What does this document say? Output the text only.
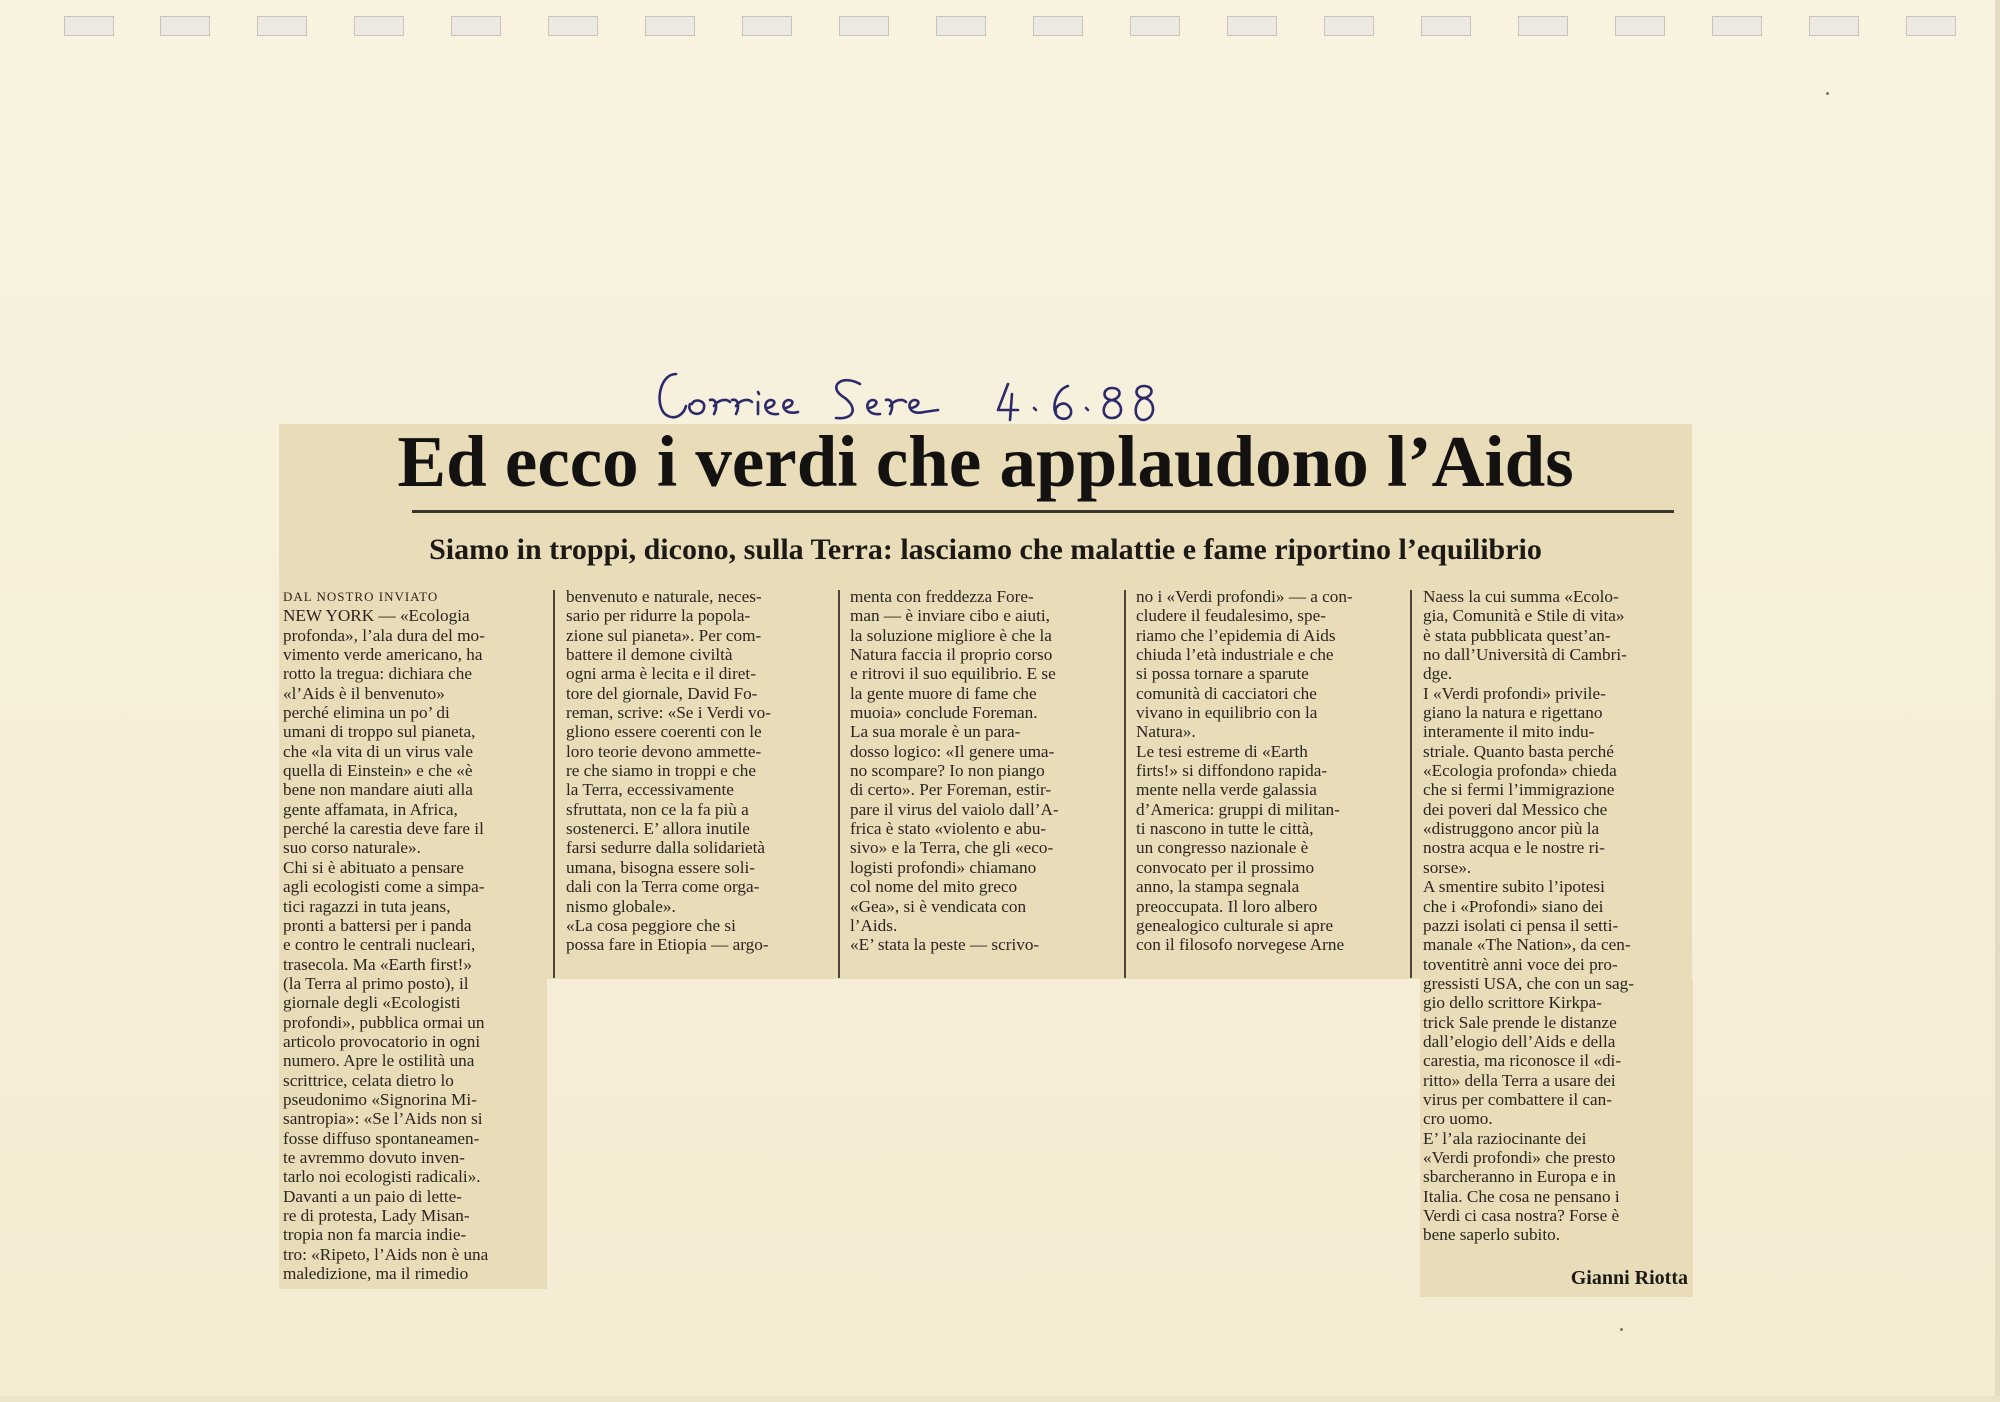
Ed ecco i verdi che applaudono l’Aids
Siamo in troppi, dicono, sulla Terra: lasciamo che malattie e fame riportino l’equilibrio
DAL NOSTRO INVIATO
NEW YORK — «Ecologia
profonda», l’ala dura del mo-
vimento verde americano, ha
rotto la tregua: dichiara che
«l’Aids è il benvenuto»
perché elimina un po’ di
umani di troppo sul pianeta,
che «la vita di un virus vale
quella di Einstein» e che «è
bene non mandare aiuti alla
gente affamata, in Africa,
perché la carestia deve fare il
suo corso naturale».
Chi si è abituato a pensare
agli ecologisti come a simpa-
tici ragazzi in tuta jeans,
pronti a battersi per i panda
e contro le centrali nucleari,
trasecola. Ma «Earth first!»
(la Terra al primo posto), il
giornale degli «Ecologisti
profondi», pubblica ormai un
articolo provocatorio in ogni
numero. Apre le ostilità una
scrittrice, celata dietro lo
pseudonimo «Signorina Mi-
santropia»: «Se l’Aids non si
fosse diffuso spontaneamen-
te avremmo dovuto inven-
tarlo noi ecologisti radicali».
Davanti a un paio di lette-
re di protesta, Lady Misan-
tropia non fa marcia indie-
tro: «Ripeto, l’Aids non è una
maledizione, ma il rimedio
benvenuto e naturale, neces-
sario per ridurre la popola-
zione sul pianeta». Per com-
battere il demone civiltà
ogni arma è lecita e il diret-
tore del giornale, David Fo-
reman, scrive: «Se i Verdi vo-
gliono essere coerenti con le
loro teorie devono ammette-
re che siamo in troppi e che
la Terra, eccessivamente
sfruttata, non ce la fa più a
sostenerci. E’ allora inutile
farsi sedurre dalla solidarietà
umana, bisogna essere soli-
dali con la Terra come orga-
nismo globale».
«La cosa peggiore che si
possa fare in Etiopia — argo-
menta con freddezza Fore-
man — è inviare cibo e aiuti,
la soluzione migliore è che la
Natura faccia il proprio corso
e ritrovi il suo equilibrio. E se
la gente muore di fame che
muoia» conclude Foreman.
La sua morale è un para-
dosso logico: «Il genere uma-
no scompare? Io non piango
di certo». Per Foreman, estir-
pare il virus del vaiolo dall’A-
frica è stato «violento e abu-
sivo» e la Terra, che gli «eco-
logisti profondi» chiamano
col nome del mito greco
«Gea», si è vendicata con
l’Aids.
«E’ stata la peste — scrivo-
no i «Verdi profondi» — a con-
cludere il feudalesimo, spe-
riamo che l’epidemia di Aids
chiuda l’età industriale e che
si possa tornare a sparute
comunità di cacciatori che
vivano in equilibrio con la
Natura».
Le tesi estreme di «Earth
firts!» si diffondono rapida-
mente nella verde galassia
d’America: gruppi di militan-
ti nascono in tutte le città,
un congresso nazionale è
convocato per il prossimo
anno, la stampa segnala
preoccupata. Il loro albero
genealogico culturale si apre
con il filosofo norvegese Arne
Naess la cui summa «Ecolo-
gia, Comunità e Stile di vita»
è stata pubblicata quest’an-
no dall’Università di Cambri-
dge.
I «Verdi profondi» privile-
giano la natura e rigettano
interamente il mito indu-
striale. Quanto basta perché
«Ecologia profonda» chieda
che si fermi l’immigrazione
dei poveri dal Messico che
«distruggono ancor più la
nostra acqua e le nostre ri-
sorse».
A smentire subito l’ipotesi
che i «Profondi» siano dei
pazzi isolati ci pensa il setti-
manale «The Nation», da cen-
toventitrè anni voce dei pro-
gressisti USA, che con un sag-
gio dello scrittore Kirkpa-
trick Sale prende le distanze
dall’elogio dell’Aids e della
carestia, ma riconosce il «di-
ritto» della Terra a usare dei
virus per combattere il can-
cro uomo.
E’ l’ala raziocinante dei
«Verdi profondi» che presto
sbarcheranno in Europa e in
Italia. Che cosa ne pensano i
Verdi ci casa nostra? Forse è
bene saperlo subito.

Gianni Riotta
